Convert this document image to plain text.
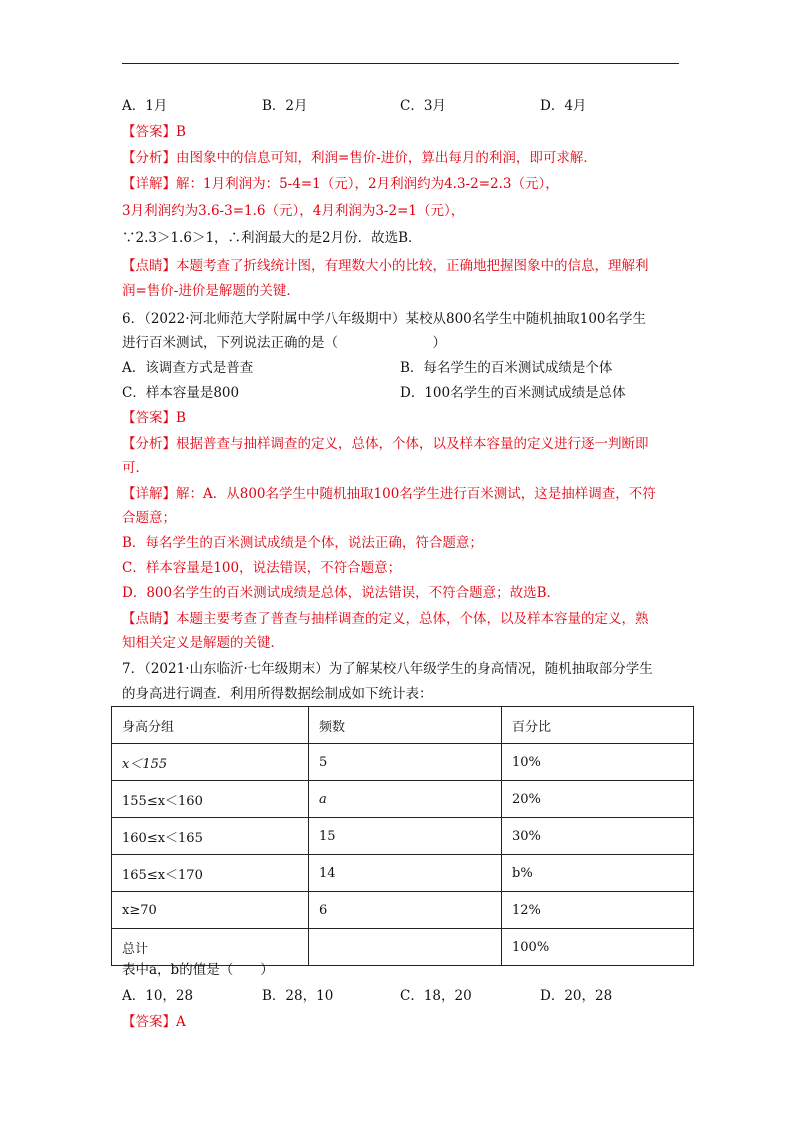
A．1月	B．2月	C．3月	D．4月
【答案】B
【分析】由图象中的信息可知，利润=售价-进价，算出每月的利润，即可求解．
【详解】解：1月利润为：5-4=1（元），2月利润约为4.3-2=2.3（元），
3月利润约为3.6-3=1.6（元），4月利润为3-2=1（元），
∵2.3＞1.6＞1，∴利润最大的是2月份．故选B．
【点睛】本题考查了折线统计图，有理数大小的比较，正确地把握图象中的信息，理解利
润=售价-进价是解题的关键．
6．（2022·河北师范大学附属中学八年级期中）某校从800名学生中随机抽取100名学生
进行百米测试，下列说法正确的是（　　　　　　　）
A．该调查方式是普查	B．每名学生的百米测试成绩是个体
C．样本容量是800	D．100名学生的百米测试成绩是总体
【答案】B
【分析】根据普查与抽样调查的定义，总体，个体，以及样本容量的定义进行逐一判断即
可．
【详解】解：A．从800名学生中随机抽取100名学生进行百米测试，这是抽样调查，不符
合题意；
B．每名学生的百米测试成绩是个体，说法正确，符合题意；
C．样本容量是100，说法错误，不符合题意；
D．800名学生的百米测试成绩是总体，说法错误，不符合题意；故选B．
【点睛】本题主要考查了普查与抽样调查的定义，总体，个体，以及样本容量的定义，熟
知相关定义是解题的关键．
7．（2021·山东临沂·七年级期末）为了解某校八年级学生的身高情况，随机抽取部分学生
的身高进行调查．利用所得数据绘制成如下统计表：
身高分组	频数	百分比
x＜155	5	10%
155≤x＜160	a	20%
160≤x＜165	15	30%
165≤x＜170	14	b%
x≥70	6	12%
总计		100%
表中a，b的值是（　　）
A．10，28	B．28，10	C．18，20	D．20，28
【答案】A
